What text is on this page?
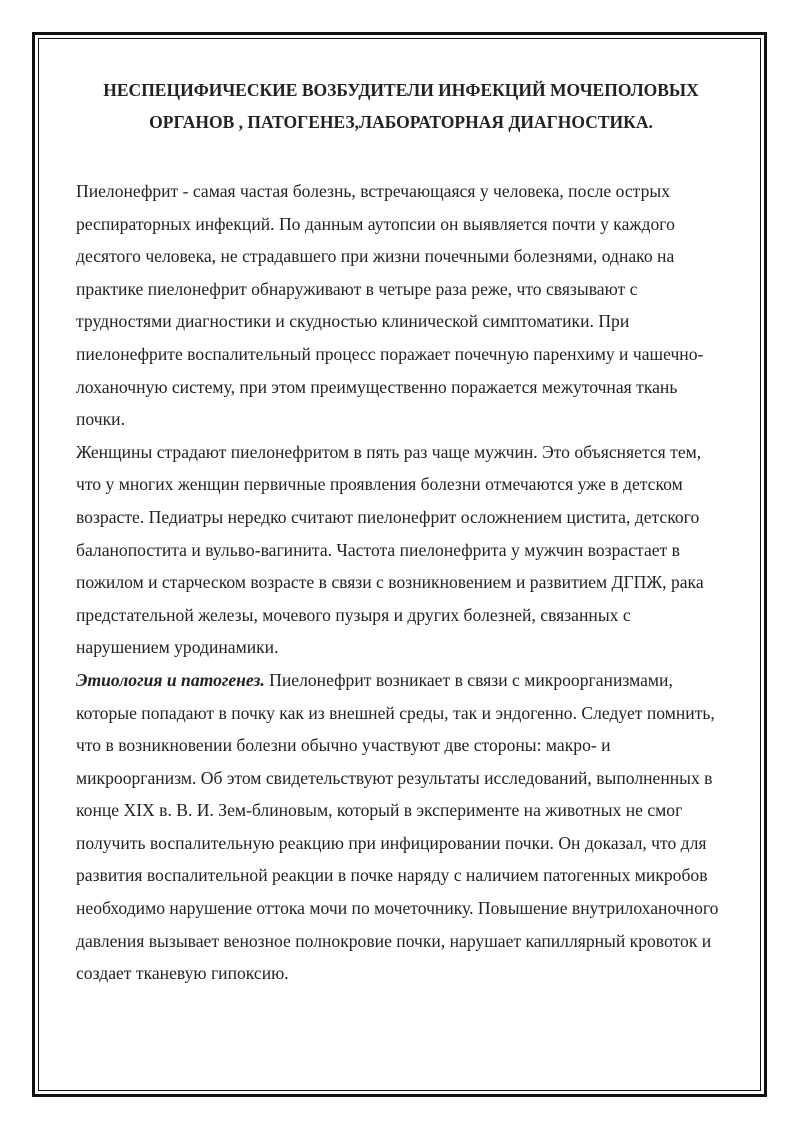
НЕСПЕЦИФИЧЕСКИЕ ВОЗБУДИТЕЛИ ИНФЕКЦИЙ МОЧЕПОЛОВЫХ
ОРГАНОВ , ПАТОГЕНЕЗ,ЛАБОРАТОРНАЯ ДИАГНОСТИКА.

Пиелонефрит - самая частая болезнь, встречающаяся у человека, после острых респираторных инфекций. По данным аутопсии он выявляется почти у каждого десятого человека, не страдавшего при жизни почечными болезнями, однако на практике пиелонефрит обнаруживают в четыре раза реже, что связывают с трудностями диагностики и скудностью клинической симптоматики. При пиелонефрите воспалительный процесс поражает почечную паренхиму и чашечно-лоханочную систему, при этом преимущественно поражается межуточная ткань почки.

Женщины страдают пиелонефритом в пять раз чаще мужчин. Это объясняется тем, что у многих женщин первичные проявления болезни отмечаются уже в детском возрасте. Педиатры нередко считают пиелонефрит осложнением цистита, детского баланопостита и вульво-вагинита. Частота пиелонефрита у мужчин возрастает в пожилом и старческом возрасте в связи с возникновением и развитием ДГПЖ, рака предстательной железы, мочевого пузыря и других болезней, связанных с нарушением уродинамики.

Этиология и патогенез. Пиелонефрит возникает в связи с микроорганизмами, которые попадают в почку как из внешней среды, так и эндогенно. Следует помнить, что в возникновении болезни обычно участвуют две стороны: макро- и микроорганизм. Об этом свидетельствуют результаты исследований, выполненных в конце XIX в. В. И. Зем-блиновым, который в эксперименте на животных не смог получить воспалительную реакцию при инфицировании почки. Он доказал, что для развития воспалительной реакции в почке наряду с наличием патогенных микробов необходимо нарушение оттока мочи по мочеточнику. Повышение внутрилоханочного давления вызывает венозное полнокровие почки, нарушает капиллярный кровоток и создает тканевую гипоксию.
